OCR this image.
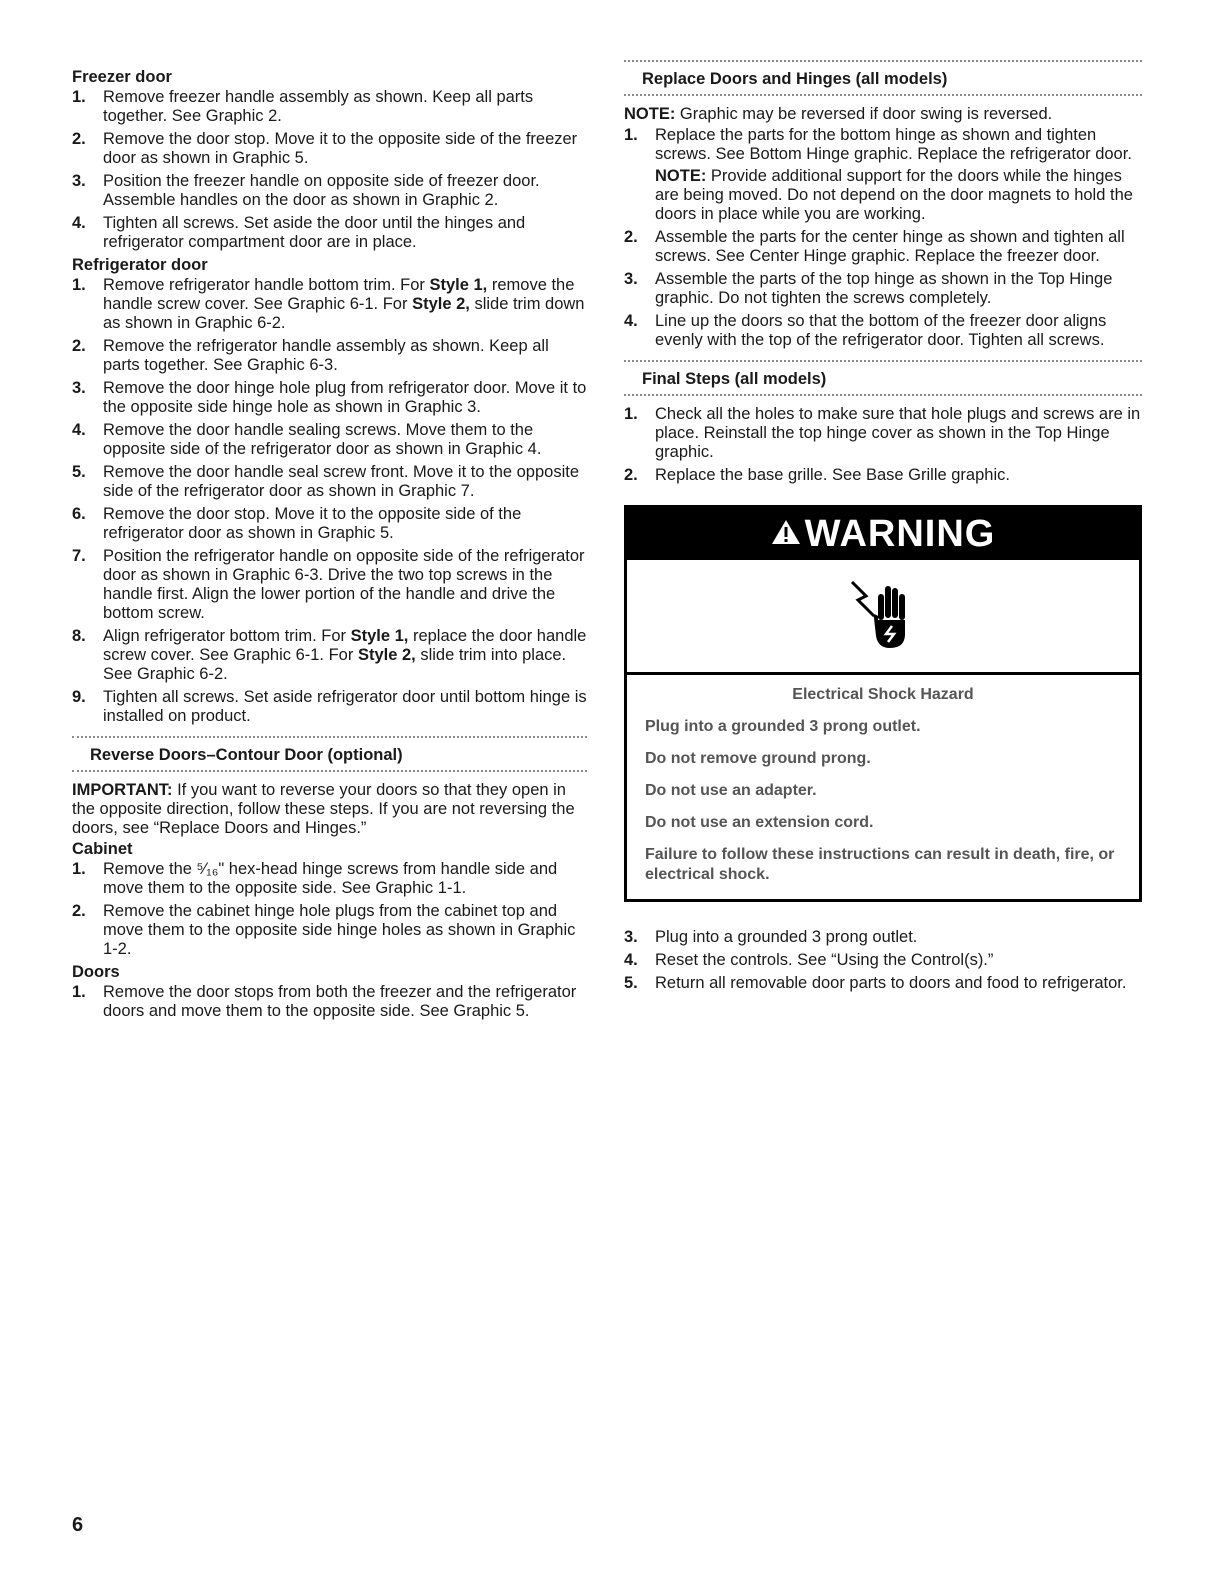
Freezer door
1. Remove freezer handle assembly as shown. Keep all parts together. See Graphic 2.
2. Remove the door stop. Move it to the opposite side of the freezer door as shown in Graphic 5.
3. Position the freezer handle on opposite side of freezer door. Assemble handles on the door as shown in Graphic 2.
4. Tighten all screws. Set aside the door until the hinges and refrigerator compartment door are in place.
Refrigerator door
1. Remove refrigerator handle bottom trim. For Style 1, remove the handle screw cover. See Graphic 6-1. For Style 2, slide trim down as shown in Graphic 6-2.
2. Remove the refrigerator handle assembly as shown. Keep all parts together. See Graphic 6-3.
3. Remove the door hinge hole plug from refrigerator door. Move it to the opposite side hinge hole as shown in Graphic 3.
4. Remove the door handle sealing screws. Move them to the opposite side of the refrigerator door as shown in Graphic 4.
5. Remove the door handle seal screw front. Move it to the opposite side of the refrigerator door as shown in Graphic 7.
6. Remove the door stop. Move it to the opposite side of the refrigerator door as shown in Graphic 5.
7. Position the refrigerator handle on opposite side of the refrigerator door as shown in Graphic 6-3. Drive the two top screws in the handle first. Align the lower portion of the handle and drive the bottom screw.
8. Align refrigerator bottom trim. For Style 1, replace the door handle screw cover. See Graphic 6-1. For Style 2, slide trim into place. See Graphic 6-2.
9. Tighten all screws. Set aside refrigerator door until bottom hinge is installed on product.
Reverse Doors–Contour Door (optional)

IMPORTANT: If you want to reverse your doors so that they open in the opposite direction, follow these steps. If you are not reversing the doors, see “Replace Doors and Hinges.”

Cabinet
1. Remove the ⁵⁄₁₆" hex-head hinge screws from handle side and move them to the opposite side. See Graphic 1-1.
2. Remove the cabinet hinge hole plugs from the cabinet top and move them to the opposite side hinge holes as shown in Graphic 1-2.
Doors
1. Remove the door stops from both the freezer and the refrigerator doors and move them to the opposite side. See Graphic 5.
Replace Doors and Hinges (all models)

NOTE: Graphic may be reversed if door swing is reversed.

1. Replace the parts for the bottom hinge as shown and tighten screws. See Bottom Hinge graphic. Replace the refrigerator door.
NOTE: Provide additional support for the doors while the hinges are being moved. Do not depend on the door magnets to hold the doors in place while you are working.
2. Assemble the parts for the center hinge as shown and tighten all screws. See Center Hinge graphic. Replace the freezer door.
3. Assemble the parts of the top hinge as shown in the Top Hinge graphic. Do not tighten the screws completely.
4. Line up the doors so that the bottom of the freezer door aligns evenly with the top of the refrigerator door. Tighten all screws.
Final Steps (all models)
1. Check all the holes to make sure that hole plugs and screws are in place. Reinstall the top hinge cover as shown in the Top Hinge graphic.
2. Replace the base grille. See Base Grille graphic.
WARNING

Electrical Shock Hazard

Plug into a grounded 3 prong outlet.

Do not remove ground prong.

Do not use an adapter.

Do not use an extension cord.

Failure to follow these instructions can result in death, fire, or electrical shock.

3. Plug into a grounded 3 prong outlet.
4. Reset the controls. See “Using the Control(s).”
5. Return all removable door parts to doors and food to refrigerator.
6
